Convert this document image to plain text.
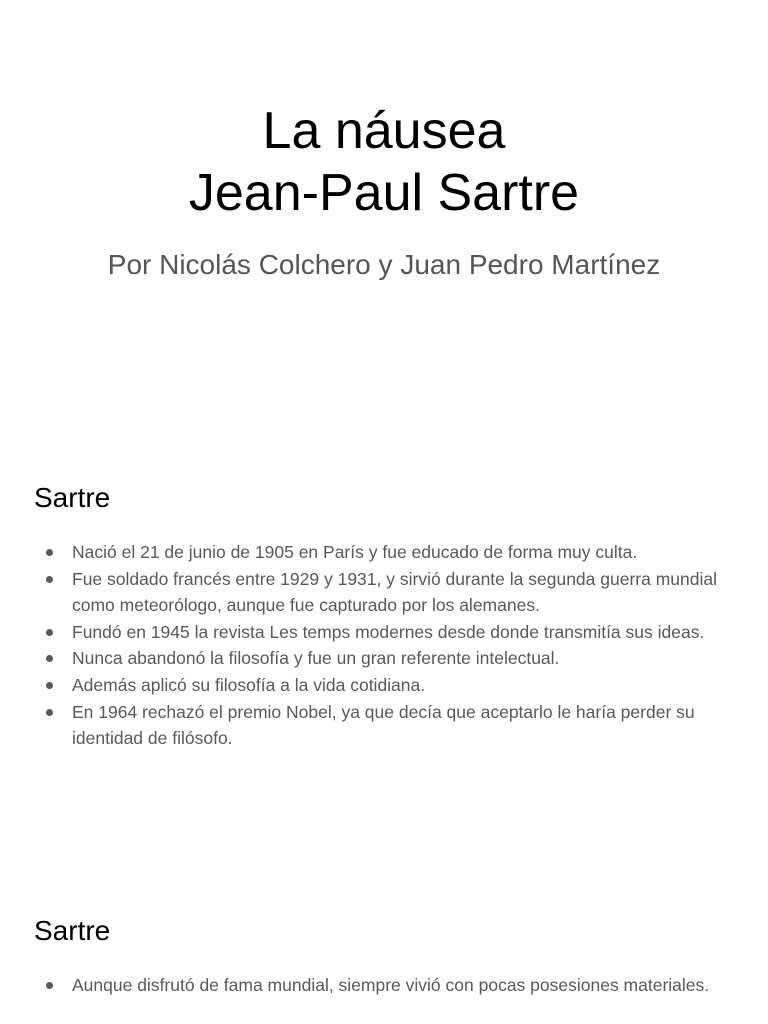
La náusea
Jean-Paul Sartre
Por Nicolás Colchero y Juan Pedro Martínez
Sartre
Nació el 21 de junio de 1905 en París y fue educado de forma muy culta.
Fue soldado francés entre 1929 y 1931, y sirvió durante la segunda guerra mundial como meteorólogo, aunque fue capturado por los alemanes.
Fundó en 1945 la revista Les temps modernes desde donde transmitía sus ideas.
Nunca abandonó la filosofía y fue un gran referente intelectual.
Además aplicó su filosofía a la vida cotidiana.
En 1964 rechazó el premio Nobel, ya que decía que aceptarlo le haría perder su identidad de filósofo.
Sartre
Aunque disfrutó de fama mundial, siempre vivió con pocas posesiones materiales.
